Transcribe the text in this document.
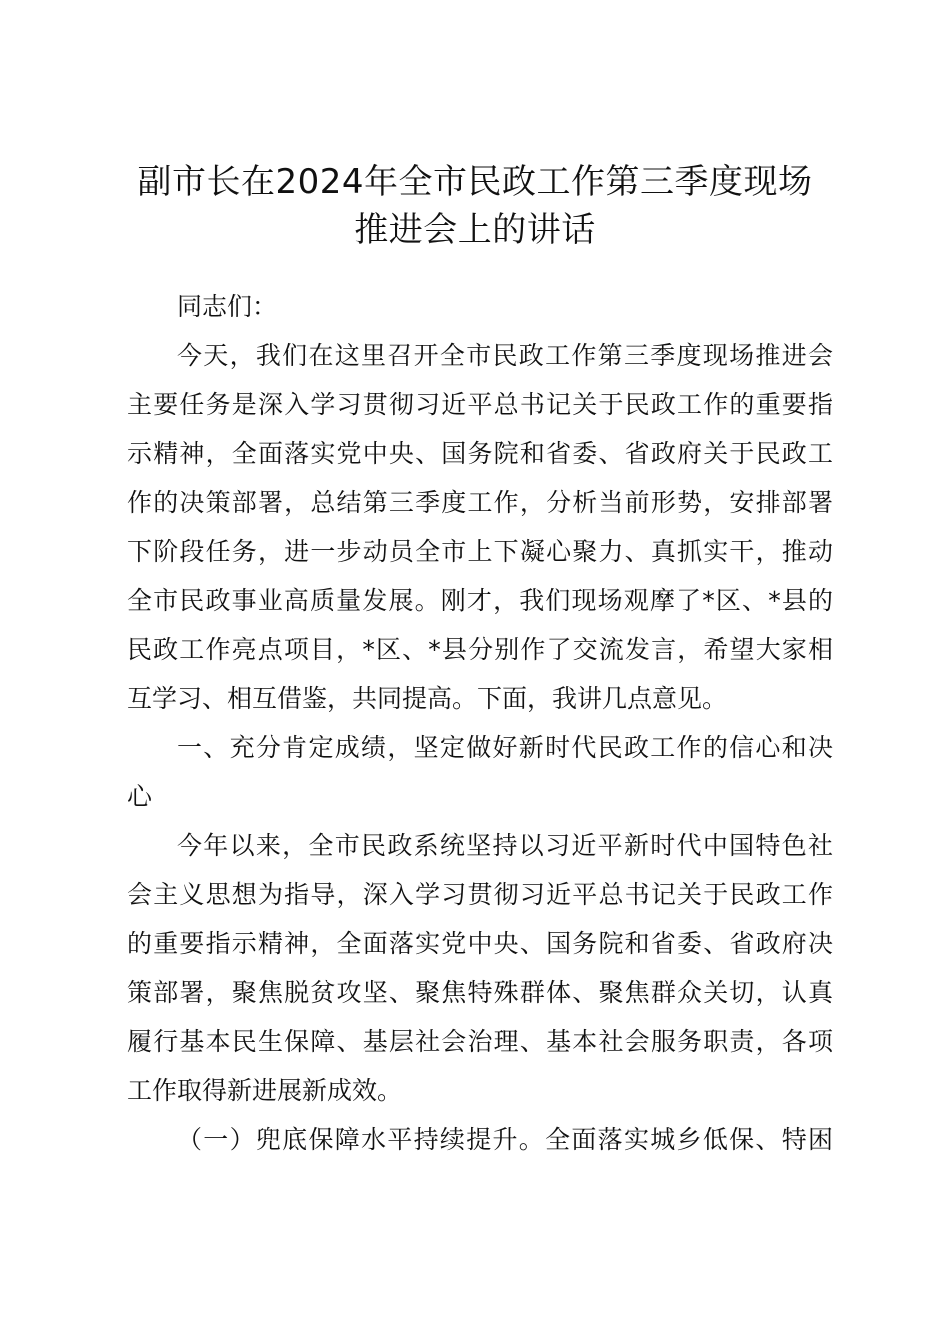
副市长在2024年全市民政工作第三季度现场
推进会上的讲话
同志们：
今天，我们在这里召开全市民政工作第三季度现场推进会
主要任务是深入学习贯彻习近平总书记关于民政工作的重要指
示精神，全面落实党中央、国务院和省委、省政府关于民政工
作的决策部署，总结第三季度工作，分析当前形势，安排部署
下阶段任务，进一步动员全市上下凝心聚力、真抓实干，推动
全市民政事业高质量发展。刚才，我们现场观摩了*区、*县的
民政工作亮点项目，*区、*县分别作了交流发言，希望大家相
互学习、相互借鉴，共同提高。下面，我讲几点意见。
一、充分肯定成绩，坚定做好新时代民政工作的信心和决
心
今年以来，全市民政系统坚持以习近平新时代中国特色社
会主义思想为指导，深入学习贯彻习近平总书记关于民政工作
的重要指示精神，全面落实党中央、国务院和省委、省政府决
策部署，聚焦脱贫攻坚、聚焦特殊群体、聚焦群众关切，认真
履行基本民生保障、基层社会治理、基本社会服务职责，各项
工作取得新进展新成效。
（一）兜底保障水平持续提升。全面落实城乡低保、特困
